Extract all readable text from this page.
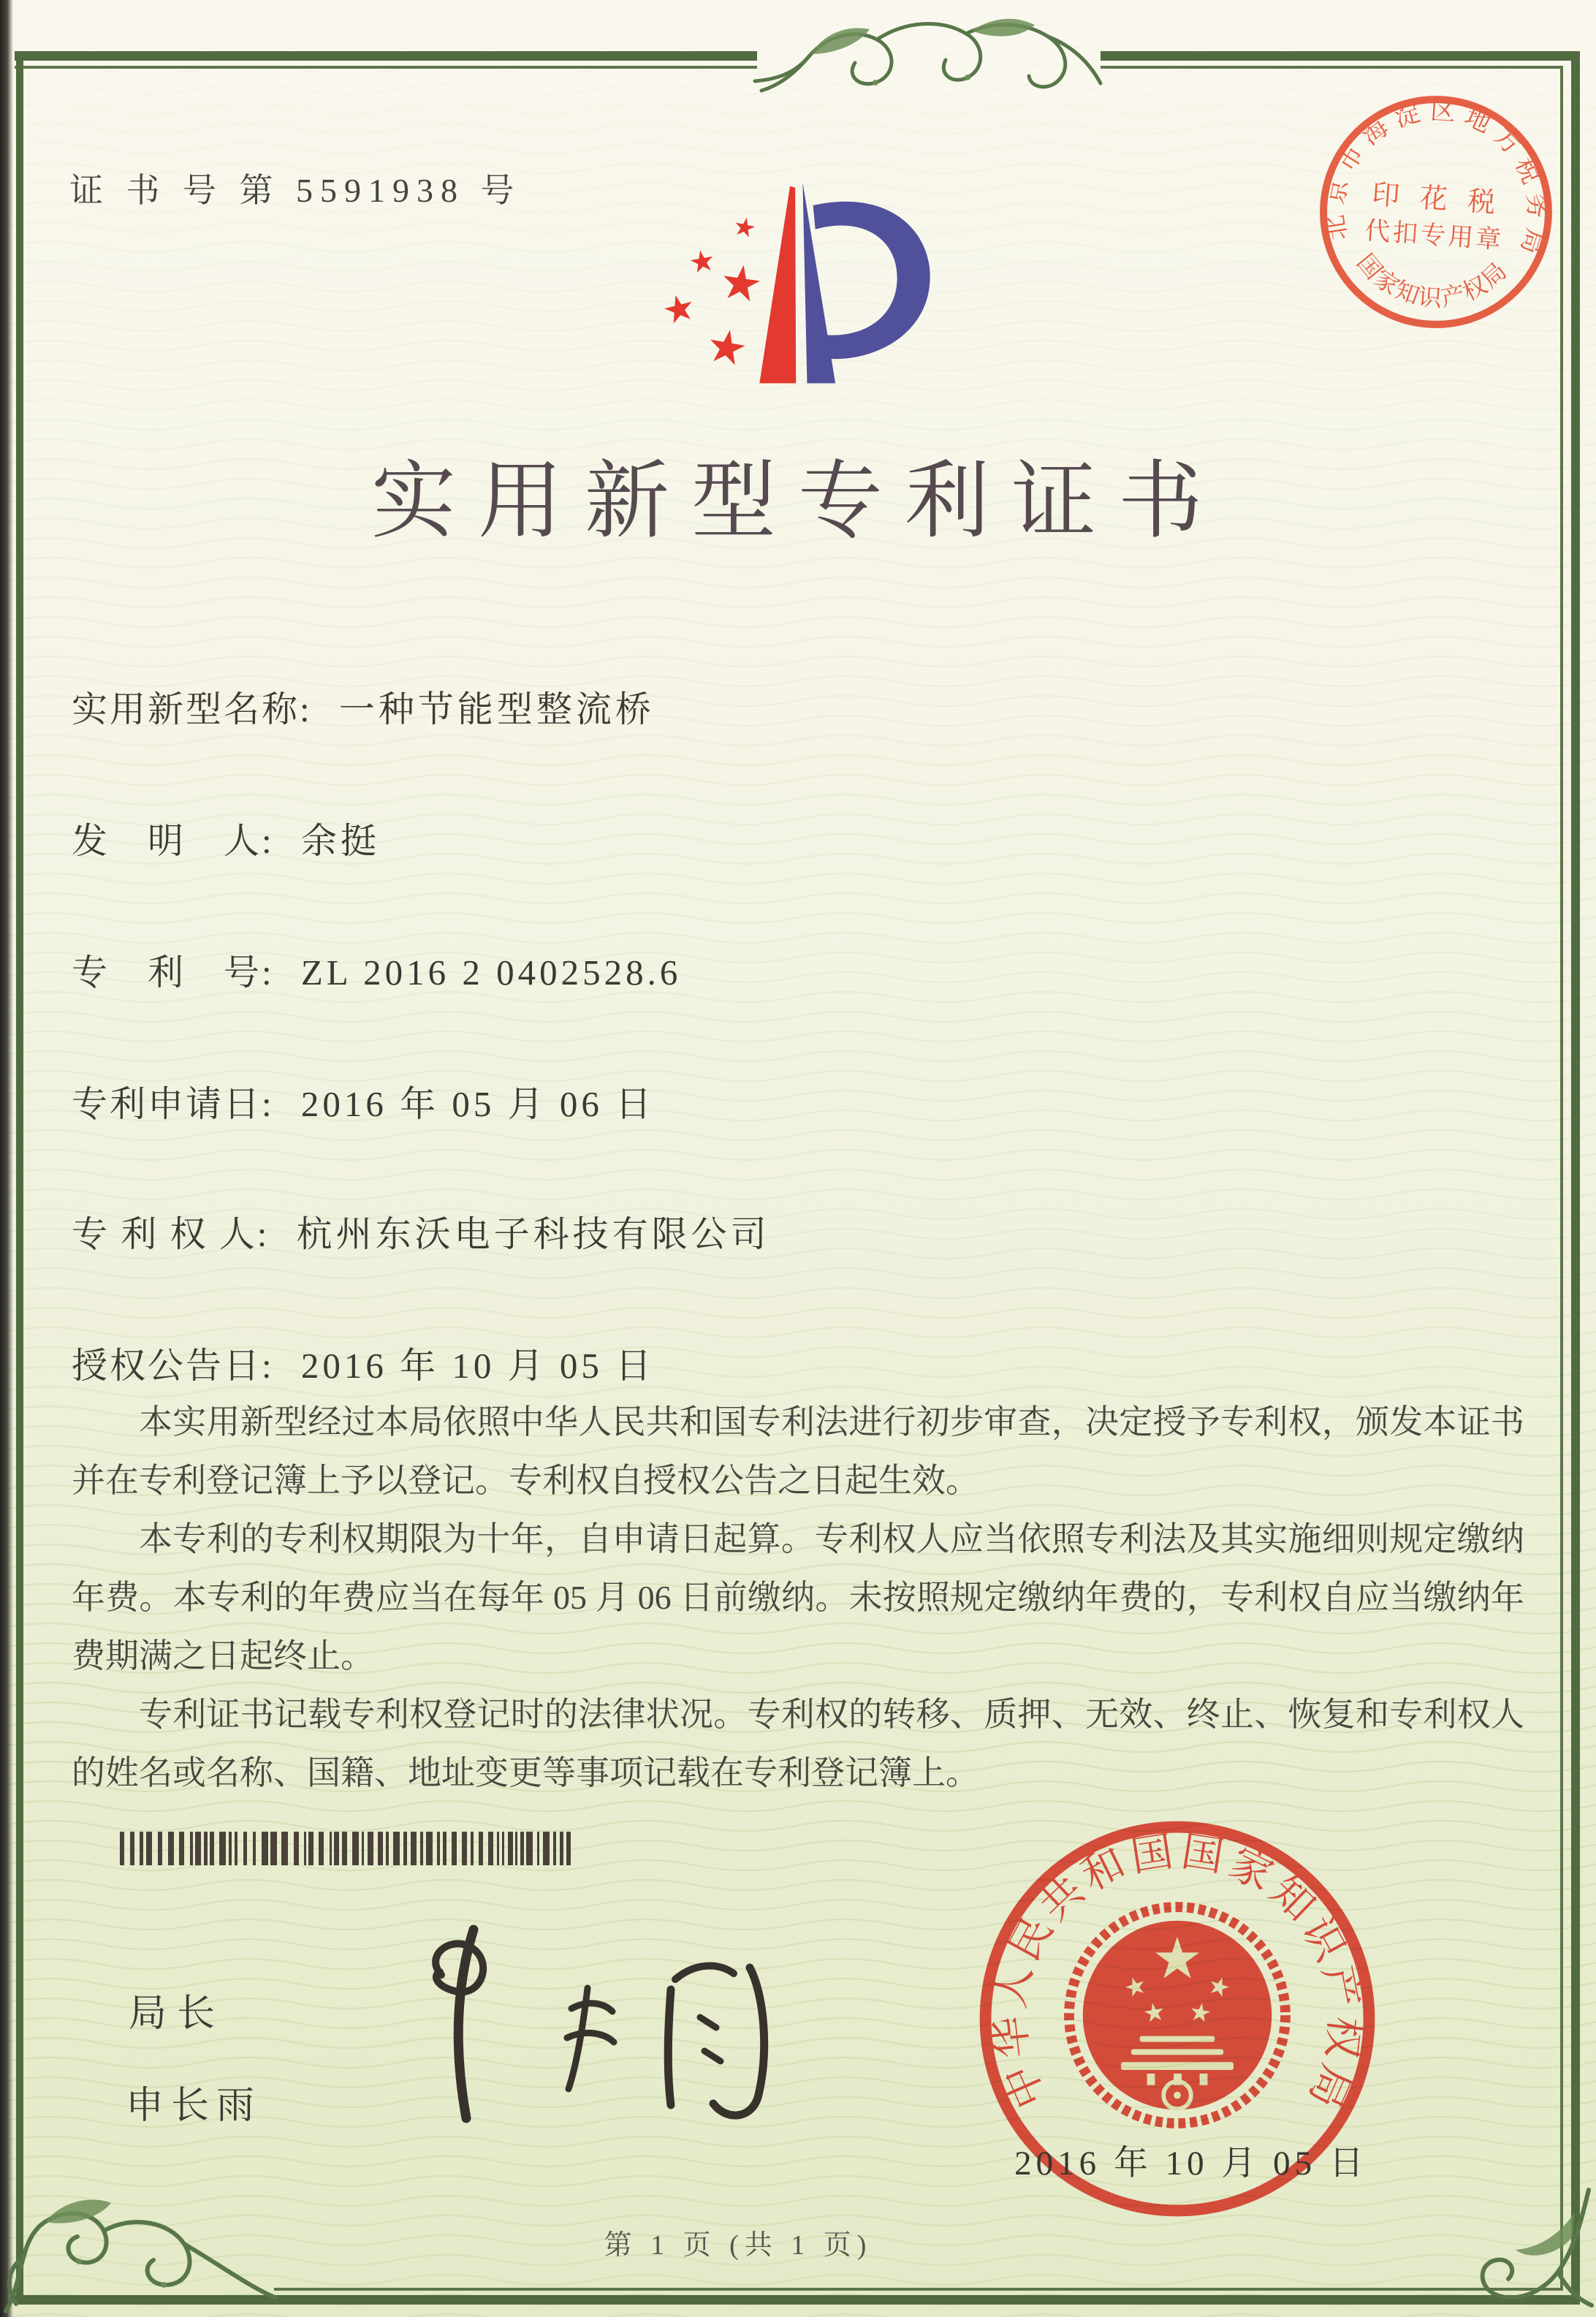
证 书 号 第 5591938 号
北京市海淀区地方税务局
国家知识产权局
印 花 税
代扣专用章
实用新型专利证书
实用新型名称: 一种节能型整流桥
发　明　人: 余挺
专　利　号: ZL 2016 2 0402528.6
专利申请日: 2016 年 05 月 06 日
专 利 权 人: 杭州东沃电子科技有限公司
授权公告日: 2016 年 10 月 05 日

本实用新型经过本局依照中华人民共和国专利法进行初步审查，决定授予专利权，颁发本证书并在专利登记簿上予以登记。专利权自授权公告之日起生效。

本专利的专利权期限为十年，自申请日起算。专利权人应当依照专利法及其实施细则规定缴纳年费。本专利的年费应当在每年 05 月 06 日前缴纳。未按照规定缴纳年费的，专利权自应当缴纳年费期满之日起终止。

专利证书记载专利权登记时的法律状况。专利权的转移、质押、无效、终止、恢复和专利权人的姓名或名称、国籍、地址变更等事项记载在专利登记簿上。

局长
申长雨	中华人民共和国国家知识产权局
2016 年 10 月 05 日
第 1 页 (共 1 页)
